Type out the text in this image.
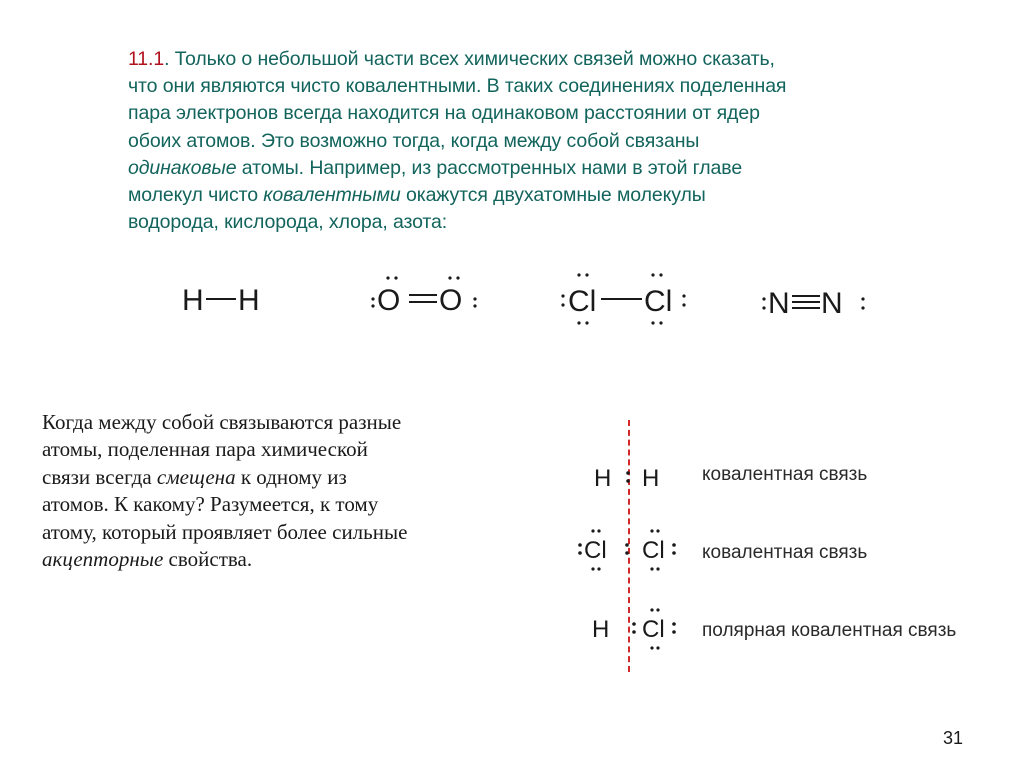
11.1. Только о небольшой части всех химических связей можно сказать,
что они являются чисто ковалентными. В таких соединениях поделенная
пара электронов всегда находится на одинаковом расстоянии от ядер
обоих атомов. Это возможно тогда, когда между собой связаны
одинаковые атомы. Например, из рассмотренных нами в этой главе
молекул чисто ковалентными окажутся двухатомные молекулы
водорода, кислорода, хлора, азота:
H H	O O	Cl Cl	N N
Когда между собой связываются разные
атомы, поделенная пара химической
связи всегда смещена к одному из
атомов. К какому? Разумеется, к тому
атому, который проявляет более сильные
акцепторные свойства.
H H ковалентная связь
Cl Cl ковалентная связь
H Cl полярная ковалентная связь
31
